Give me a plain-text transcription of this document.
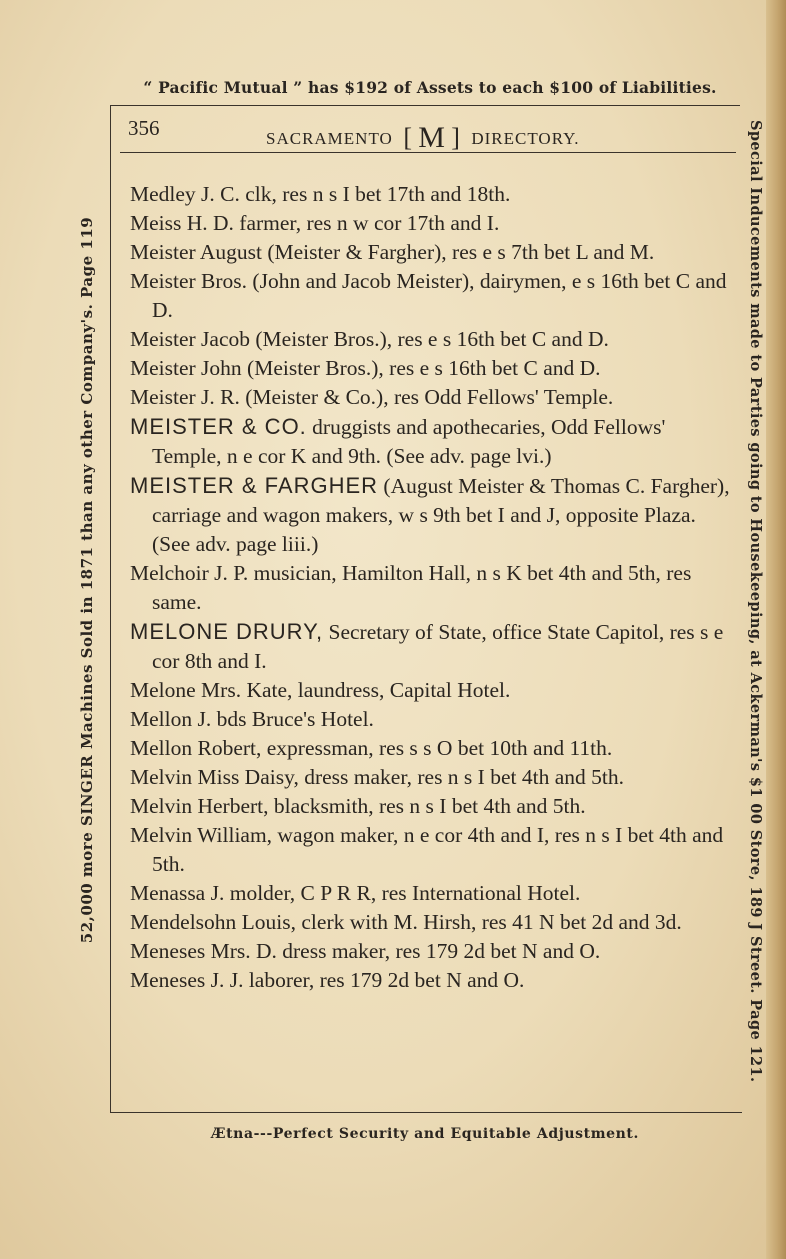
“ Pacific Mutual ” has $192 of Assets to each $100 of Liabilities.
52,000 more SINGER Machines Sold in 1871 than any other Company's. Page 119	Special Inducements made to Parties going to Housekeeping, at Ackerman's $1 00 Store, 189 J Street. Page 121.
356	SACRAMENTO [ M ] DIRECTORY.

Medley J. C. clk, res n s I bet 17th and 18th.

Meiss H. D. farmer, res n w cor 17th and I.

Meister August (Meister & Fargher), res e s 7th bet L and M.

Meister Bros. (John and Jacob Meister), dairymen, e s 16th bet C and D.

Meister Jacob (Meister Bros.), res e s 16th bet C and D.

Meister John (Meister Bros.), res e s 16th bet C and D.

Meister J. R. (Meister & Co.), res Odd Fellows' Temple.

MEISTER & CO. druggists and apothecaries, Odd Fellows' Temple, n e cor K and 9th. (See adv. page lvi.)

MEISTER & FARGHER (August Meister & Thomas C. Fargher), carriage and wagon makers, w s 9th bet I and J, opposite Plaza. (See adv. page liii.)

Melchoir J. P. musician, Hamilton Hall, n s K bet 4th and 5th, res same.

MELONE DRURY, Secretary of State, office State Capitol, res s e cor 8th and I.

Melone Mrs. Kate, laundress, Capital Hotel.

Mellon J. bds Bruce's Hotel.

Mellon Robert, expressman, res s s O bet 10th and 11th.

Melvin Miss Daisy, dress maker, res n s I bet 4th and 5th.

Melvin Herbert, blacksmith, res n s I bet 4th and 5th.

Melvin William, wagon maker, n e cor 4th and I, res n s I bet 4th and 5th.

Menassa J. molder, C P R R, res International Hotel.

Mendelsohn Louis, clerk with M. Hirsh, res 41 N bet 2d and 3d.

Meneses Mrs. D. dress maker, res 179 2d bet N and O.

Meneses J. J. laborer, res 179 2d bet N and O.

Ætna---Perfect Security and Equitable Adjustment.
